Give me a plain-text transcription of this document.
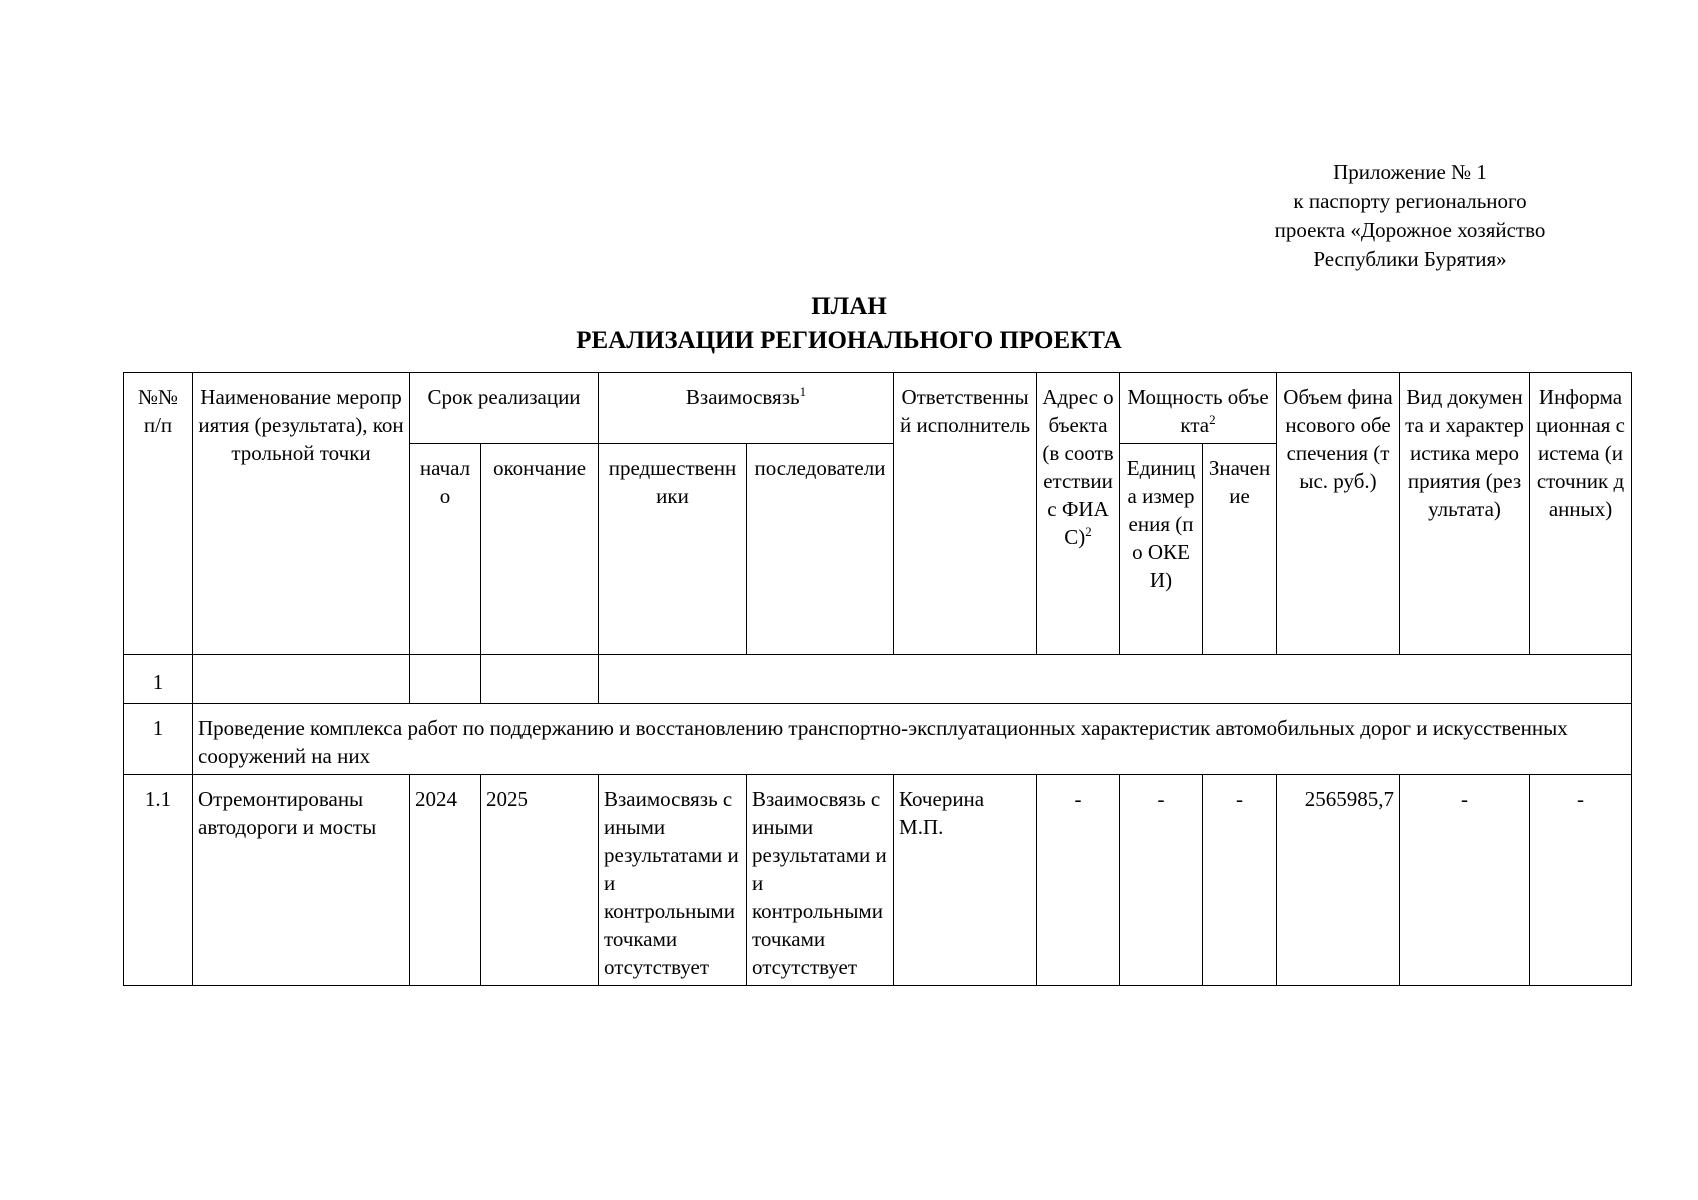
Приложение № 1
к паспорту регионального
проекта «Дорожное хозяйство
Республики Бурятия»
ПЛАН
РЕАЛИЗАЦИИ РЕГИОНАЛЬНОГО ПРОЕКТА
№№ п/п	Наименование мероприятия (результата), контрольной точки	Срок реализации		Взаимосвязь$^1$		Ответственный исполнитель	Адрес объекта (в соответствии с ФИАС)$^2$	Мощность объекта$^2$		Объем финансового обеспечения (тыс. руб.)	Вид документа и характеристика мероприятия (результата)	Информационная система (источник данных)
		начало	окончание	предшественники	последователи			Единица измерения (по ОКЕИ)	Значение			
1												
1	Проведение комплекса работ по поддержанию и восстановлению транспортно-эксплуатационных характеристик автомобильных дорог и искусственных сооружений на них											
1.1	Отремонтированы автодороги и мосты	2024	2025	Взаимосвязь с иными результатами и и контрольными точками отсутствует	Взаимосвязь с иными результатами и и контрольными точками отсутствует	Кочерина М.П.	-	-	-	2565985,7	-	-
